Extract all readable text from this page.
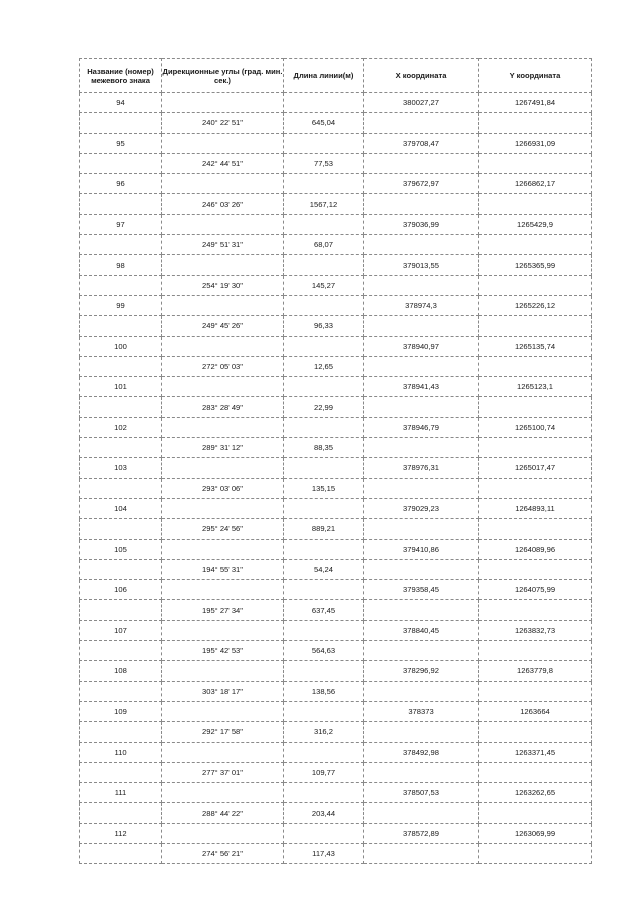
Название (номер) межевого знака	Дирекционные углы (град. мин. сек.)	Длина линии(м)	X координата	Y координата
94			380027,27	1267491,84
	240° 22' 51"	645,04		
95			379708,47	1266931,09
	242° 44' 51"	77,53		
96			379672,97	1266862,17
	246° 03' 26"	1567,12		
97			379036,99	1265429,9
	249° 51' 31"	68,07		
98			379013,55	1265365,99
	254° 19' 30"	145,27		
99			378974,3	1265226,12
	249° 45' 26"	96,33		
100			378940,97	1265135,74
	272° 05' 03"	12,65		
101			378941,43	1265123,1
	283° 28' 49"	22,99		
102			378946,79	1265100,74
	289° 31' 12"	88,35		
103			378976,31	1265017,47
	293° 03' 06"	135,15		
104			379029,23	1264893,11
	295° 24' 56"	889,21		
105			379410,86	1264089,96
	194° 55' 31"	54,24		
106			379358,45	1264075,99
	195° 27' 34"	637,45		
107			378840,45	1263832,73
	195° 42' 53"	564,63		
108			378296,92	1263779,8
	303° 18' 17"	138,56		
109			378373	1263664
	292° 17' 58"	316,2		
110			378492,98	1263371,45
	277° 37' 01"	109,77		
111			378507,53	1263262,65
	288° 44' 22"	203,44		
112			378572,89	1263069,99
	274° 56' 21"	117,43		
